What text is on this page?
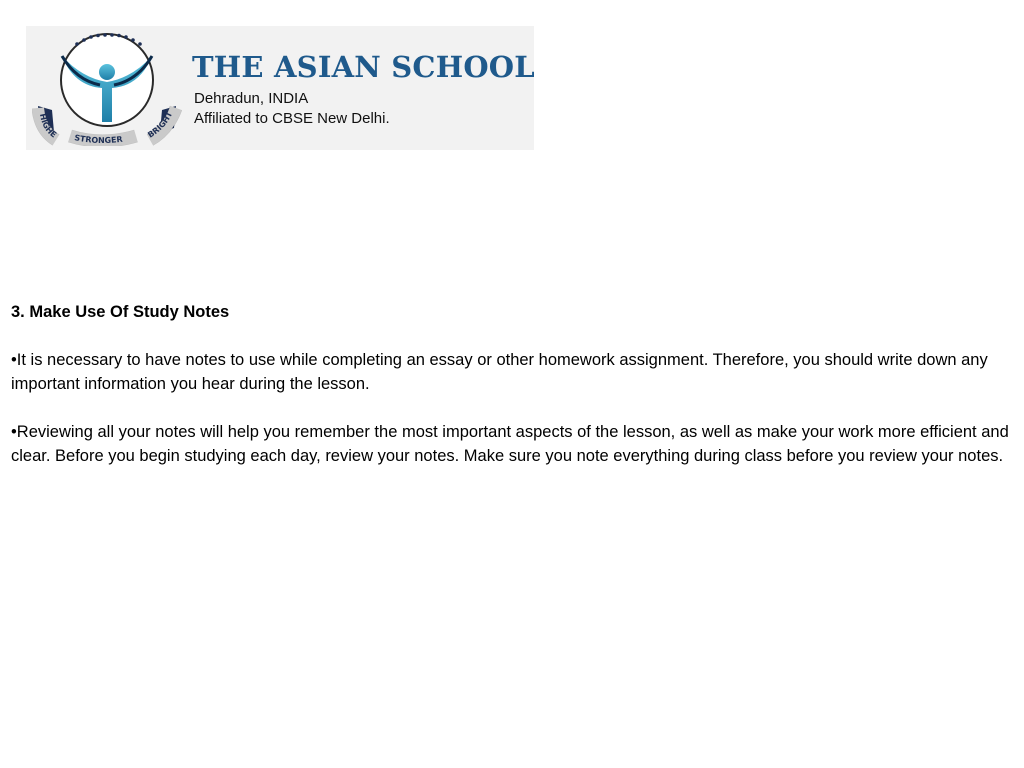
HIGHE STRONGER	BRIGHT
THE ASIAN SCHOOL
Dehradun, INDIA
Affiliated to CBSE New Delhi.

3. Make Use Of Study Notes

•It is necessary to have notes to use while completing an essay or other homework assignment. Therefore, you should write down any important information you hear during the lesson.

•Reviewing all your notes will help you remember the most important aspects of the lesson, as well as make your work more efficient and clear. Before you begin studying each day, review your notes. Make sure you note everything during class before you review your notes.
